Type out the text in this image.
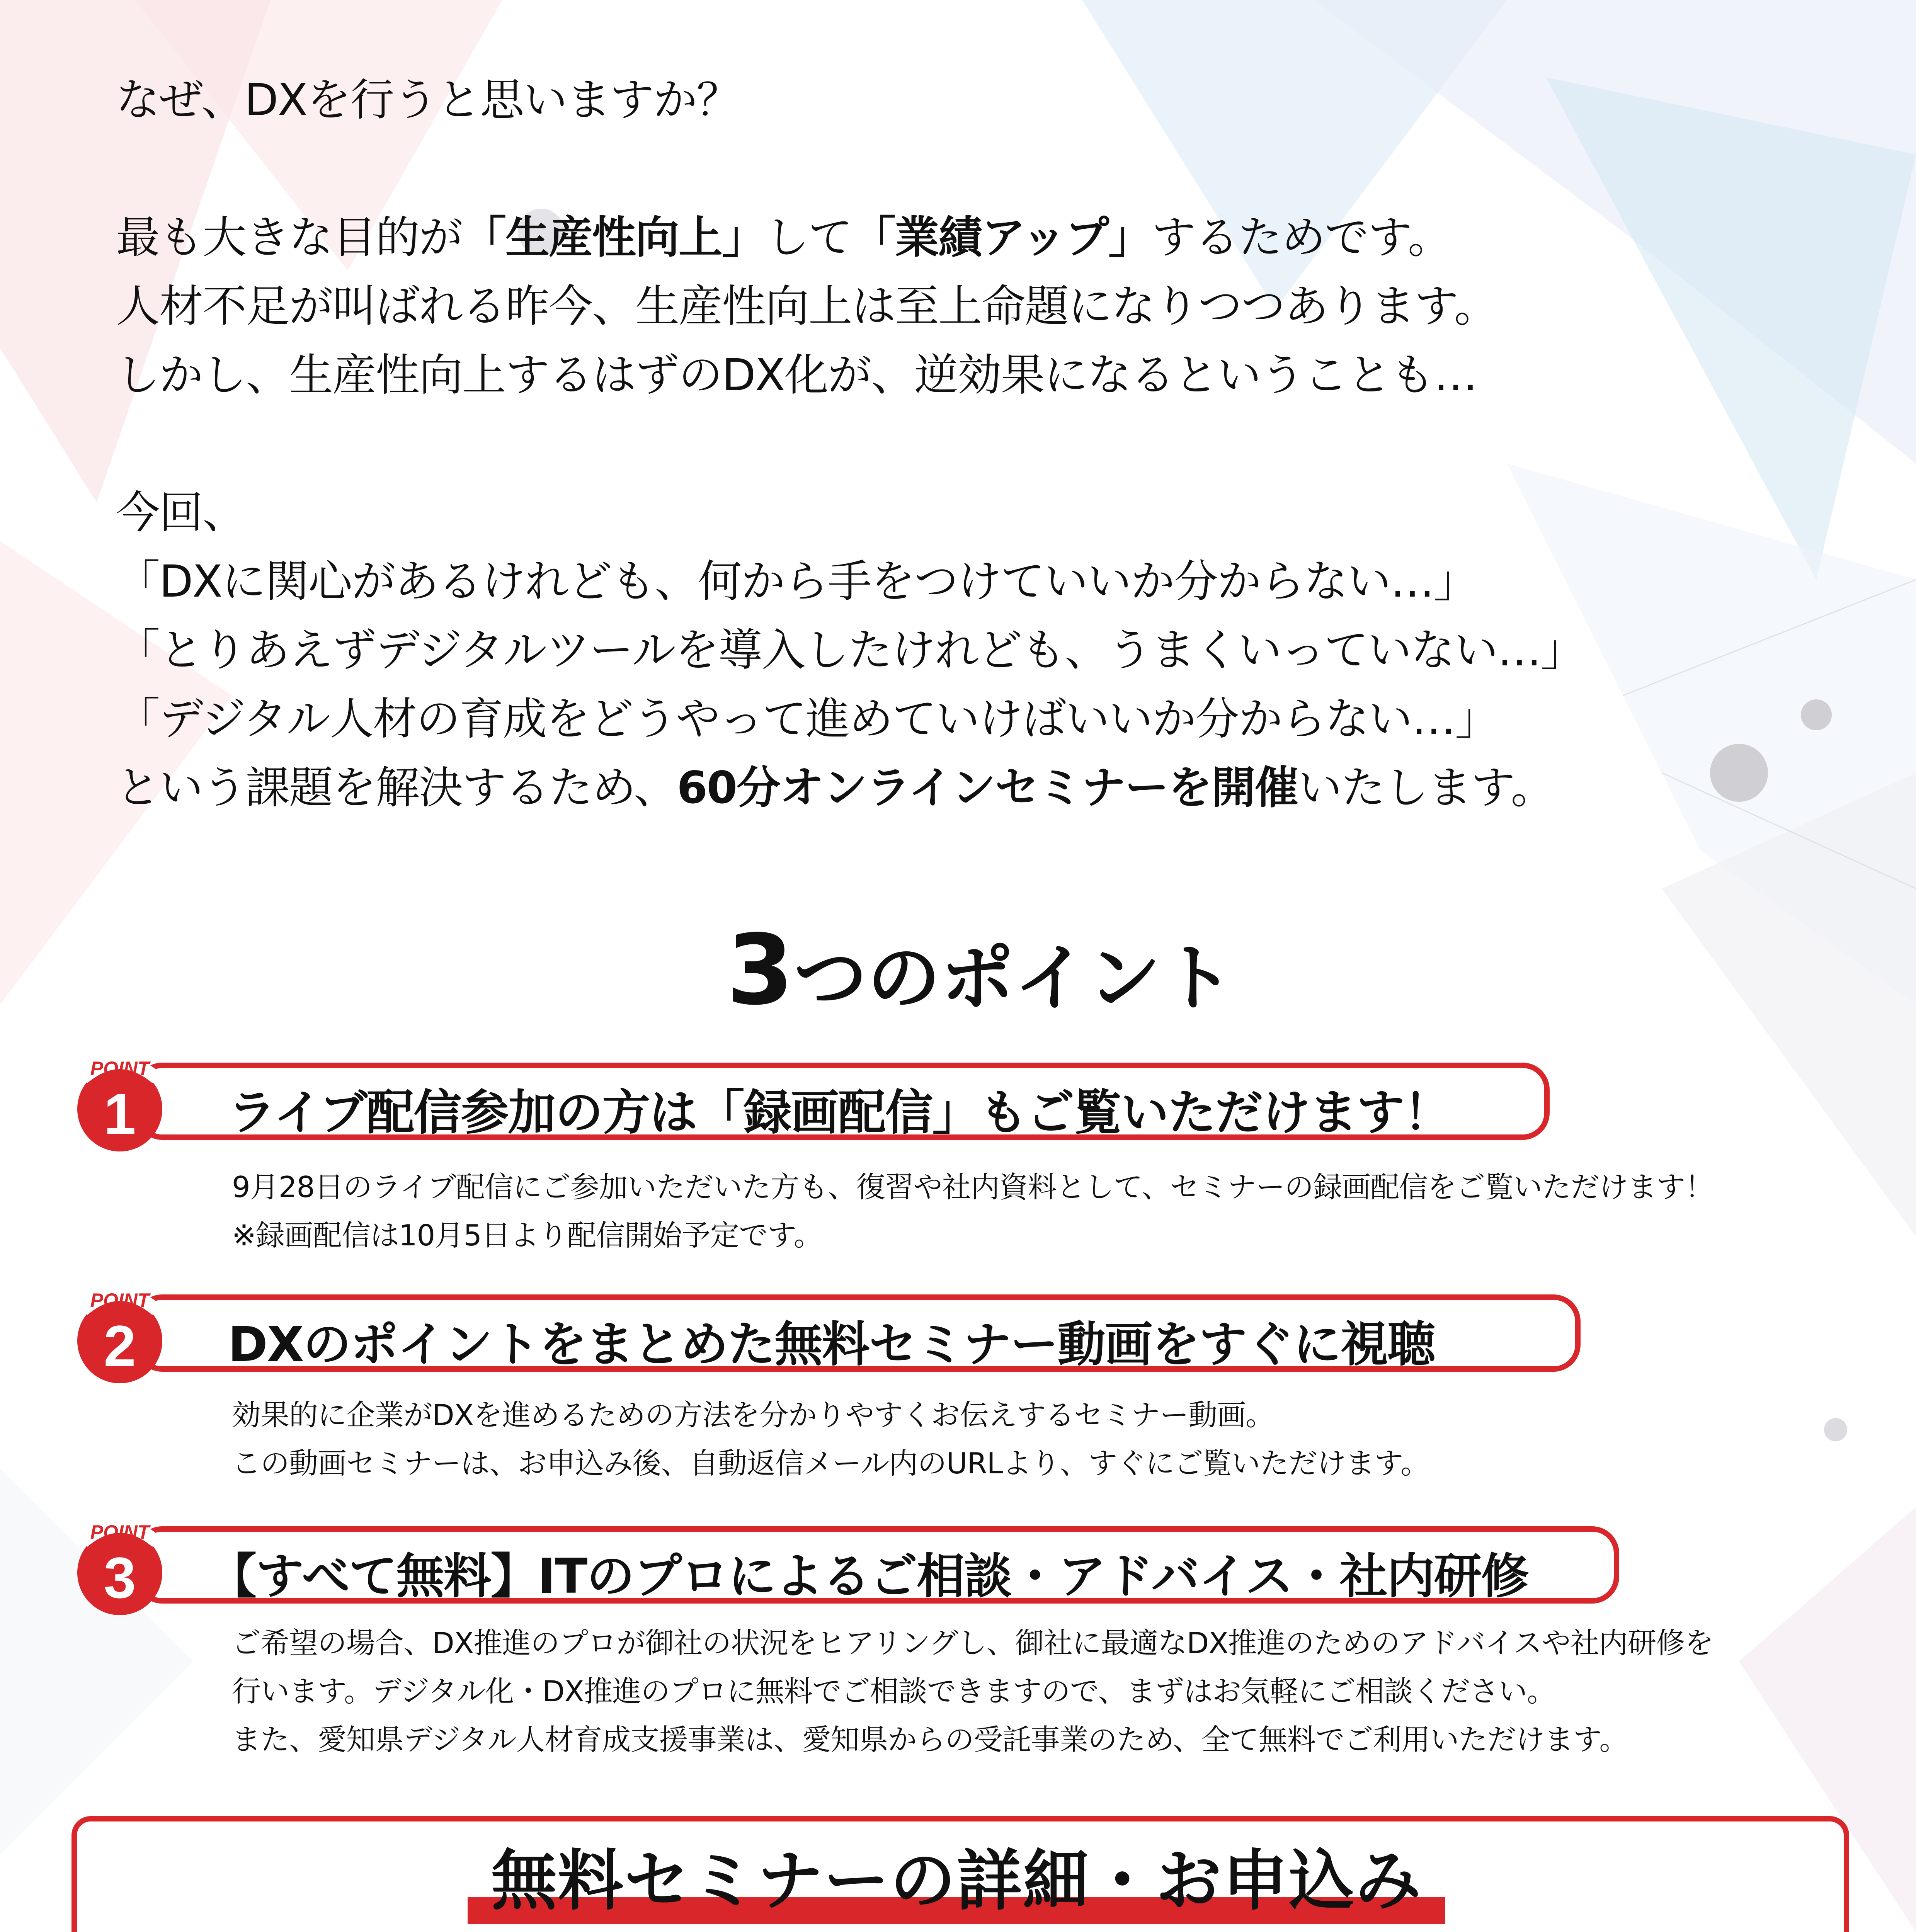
なぜ、DXを行うと思いますか？
最も大きな目的が「生産性向上」して「業績アップ」するためです。
人材不足が叫ばれる昨今、生産性向上は至上命題になりつつあります。
しかし、生産性向上するはずのDX化が、逆効果になるということも…
今回、
「DXに関心があるけれども、何から手をつけていいか分からない…」
「とりあえずデジタルツールを導入したけれども、うまくいっていない…」
「デジタル人材の育成をどうやって進めていけばいいか分からない…」
という課題を解決するため、60分オンラインセミナーを開催いたします。
3つのポイント
POINT
1 ライブ配信参加の方は「録画配信」もご覧いただけます！
9月28日のライブ配信にご参加いただいた方も、復習や社内資料として、セミナーの録画配信をご覧いただけます！
※録画配信は10月5日より配信開始予定です。
POINT
2 DXのポイントをまとめた無料セミナー動画をすぐに視聴
効果的に企業がDXを進めるための方法を分かりやすくお伝えするセミナー動画。
この動画セミナーは、お申込み後、自動返信メール内のURLより、すぐにご覧いただけます。
POINT
3 【すべて無料】ITのプロによるご相談・アドバイス・社内研修
ご希望の場合、DX推進のプロが御社の状況をヒアリングし、御社に最適なDX推進のためのアドバイスや社内研修を
行います。デジタル化・DX推進のプロに無料でご相談できますので、まずはお気軽にご相談ください。
また、愛知県デジタル人材育成支援事業は、愛知県からの受託事業のため、全て無料でご利用いただけます。
無料セミナーの詳細・お申込み
